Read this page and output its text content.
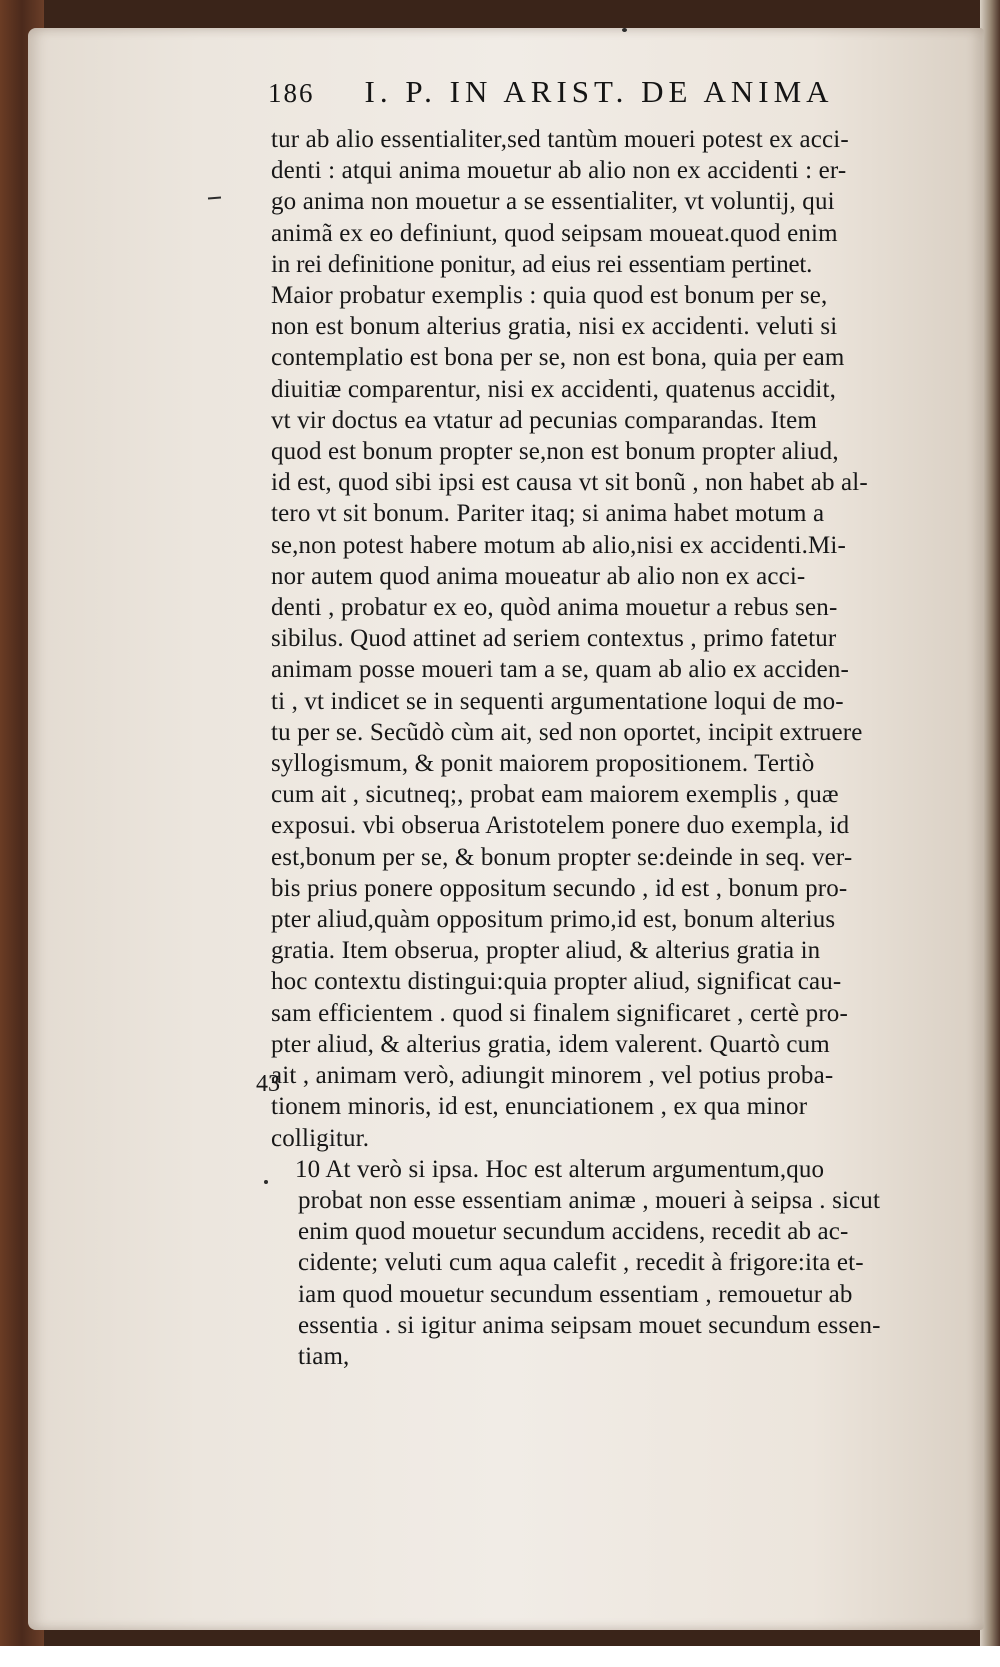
186 I. P. IN ARIST. DE ANIMA
43
tur ab alio essentialiter,sed tantùm moueri potest ex acci-
denti : atqui anima mouetur ab alio non ex accidenti : er-
go anima non mouetur a se essentialiter, vt voluntij, qui
animã ex eo definiunt, quod seipsam moueat.quod enim
in rei definitione ponitur, ad eius rei essentiam pertinet.
Maior probatur exemplis : quia quod est bonum per se,
non est bonum alterius gratia, nisi ex accidenti. veluti si
contemplatio est bona per se, non est bona, quia per eam
diuitiæ comparentur, nisi ex accidenti, quatenus accidit,
vt vir doctus ea vtatur ad pecunias comparandas. Item
quod est bonum propter se,non est bonum propter aliud,
id est, quod sibi ipsi est causa vt sit bonũ , non habet ab al-
tero vt sit bonum. Pariter itaq; si anima habet motum a
se,non potest habere motum ab alio,nisi ex accidenti.Mi-
nor autem quod anima moueatur ab alio non ex acci-
denti , probatur ex eo, quòd anima mouetur a rebus sen-
sibilus. Quod attinet ad seriem contextus , primo fatetur
animam posse moueri tam a se, quam ab alio ex acciden-
ti , vt indicet se in sequenti argumentatione loqui de mo-
tu per se. Secũdò cùm ait, sed non oportet, incipit extruere
syllogismum, & ponit maiorem propositionem. Tertiò
cum ait , sicutneq;, probat eam maiorem exemplis , quæ
exposui. vbi obserua Aristotelem ponere duo exempla, id
est,bonum per se, & bonum propter se:deinde in seq. ver-
bis prius ponere oppositum secundo , id est , bonum pro-
pter aliud,quàm oppositum primo,id est, bonum alterius
gratia. Item obserua, propter aliud, & alterius gratia in
hoc contextu distingui:quia propter aliud, significat cau-
sam efficientem . quod si finalem significaret , certè pro-
pter aliud, & alterius gratia, idem valerent. Quartò cum
ait , animam verò, adiungit minorem , vel potius proba-
tionem minoris, id est, enunciationem , ex qua minor
colligitur.
10 At verò si ipsa. Hoc est alterum argumentum,quo
probat non esse essentiam animæ , moueri à seipsa . sicut
enim quod mouetur secundum accidens, recedit ab ac-
cidente; veluti cum aqua calefit , recedit à frigore:ita et-
iam quod mouetur secundum essentiam , remouetur ab
essentia . si igitur anima seipsam mouet secundum essen-
tiam,
